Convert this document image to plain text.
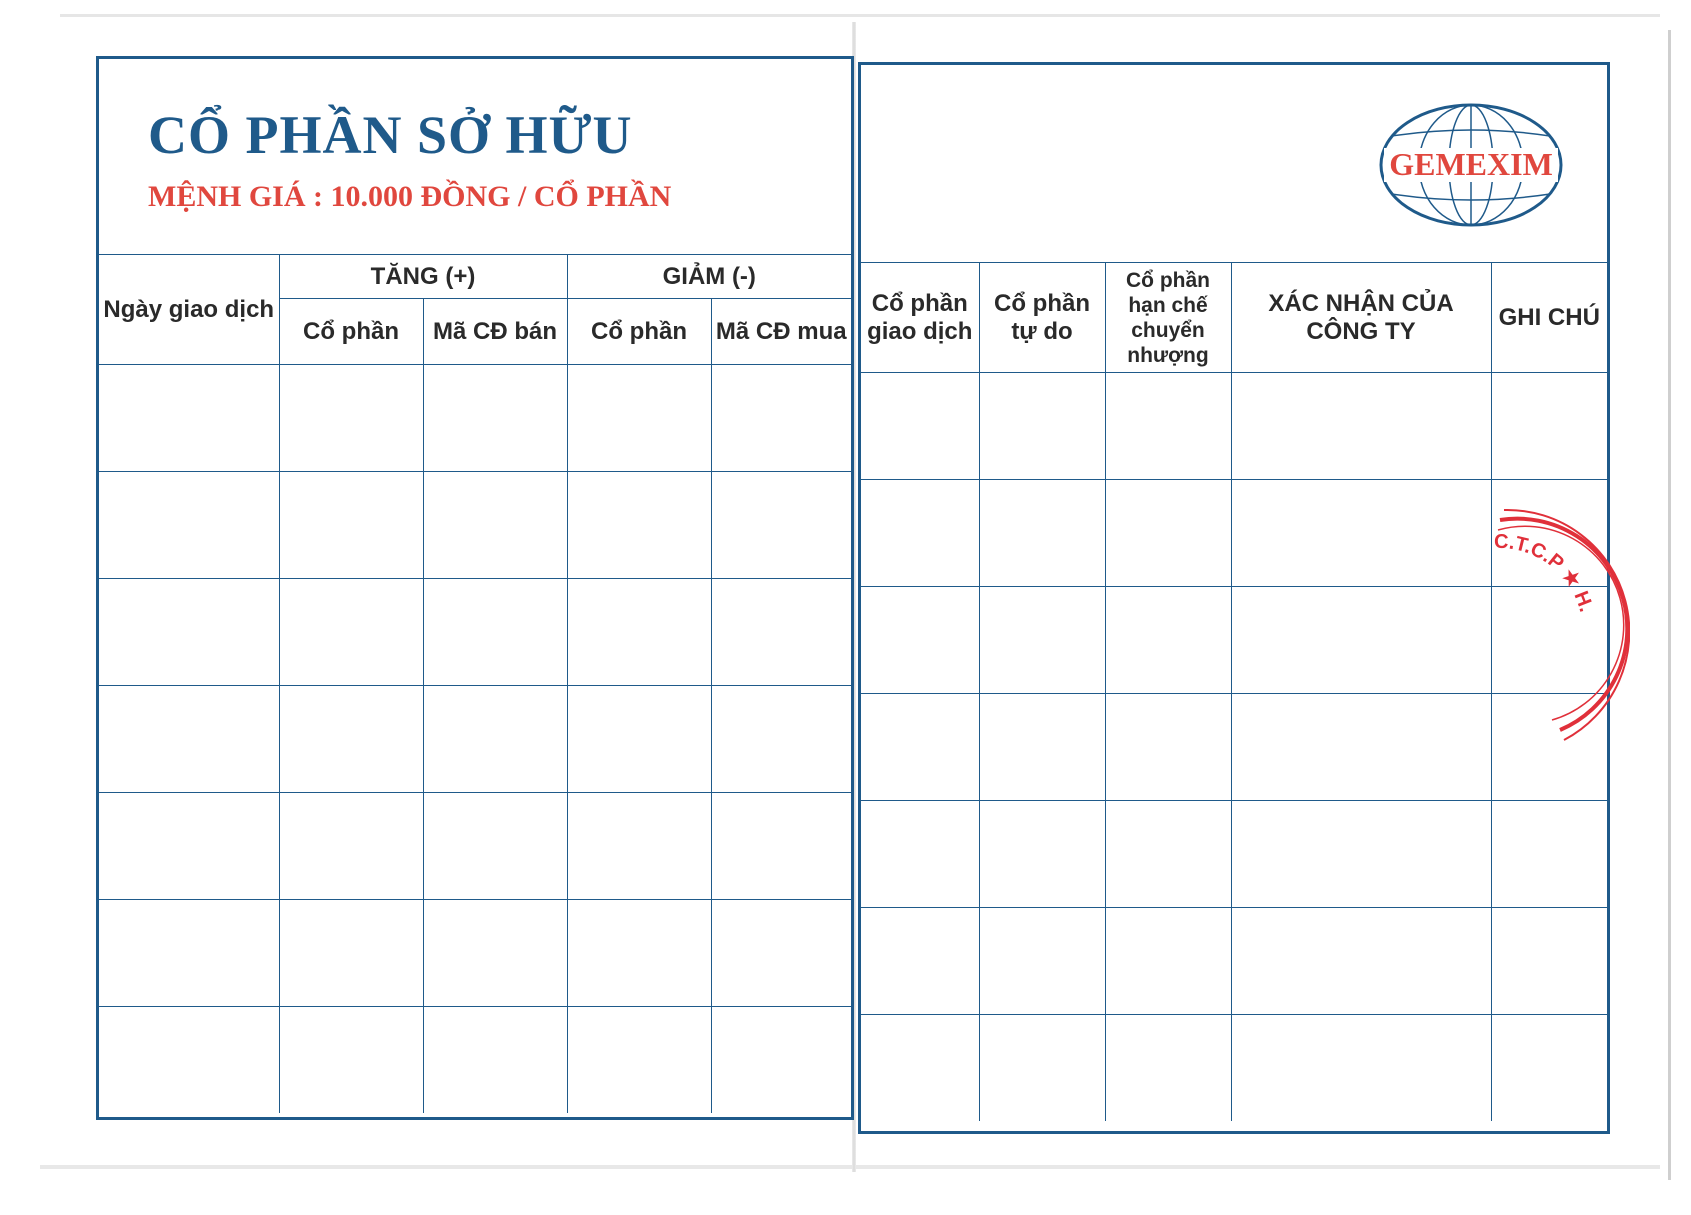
CỔ PHẦN SỞ HỮU
MỆNH GIÁ : 10.000 ĐỒNG / CỔ PHẦN
Ngày giao dịch	TĂNG (+)		GIẢM (-)	
	Cổ phần	Mã CĐ bán	Cổ phần	Mã CĐ mua

GEMEXIM
Cổ phần giao dịch	Cổ phần tự do	Cổ phần hạn chế chuyển nhượng	XÁC NHẬN CỦA CÔNG TY	GHI CHÚ

C.T.C.P ★ H.
